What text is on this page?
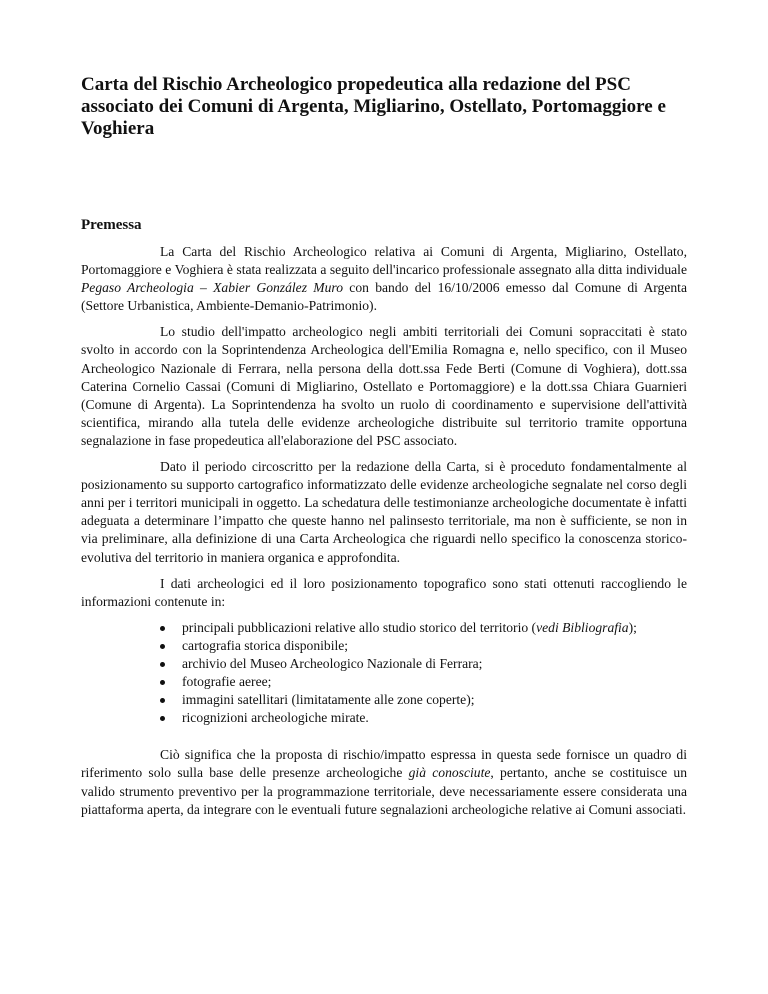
Carta del Rischio Archeologico propedeutica alla redazione del PSC associato dei Comuni di Argenta, Migliarino, Ostellato, Portomaggiore e Voghiera
Premessa

La Carta del Rischio Archeologico relativa ai Comuni di Argenta, Migliarino, Ostellato, Portomaggiore e Voghiera è stata realizzata a seguito dell'incarico professionale assegnato alla ditta individuale Pegaso Archeologia – Xabier González Muro con bando del 16/10/2006 emesso dal Comune di Argenta (Settore Urbanistica, Ambiente-Demanio-Patrimonio).

Lo studio dell'impatto archeologico negli ambiti territoriali dei Comuni sopraccitati è stato svolto in accordo con la Soprintendenza Archeologica dell'Emilia Romagna e, nello specifico, con il Museo Archeologico Nazionale di Ferrara, nella persona della dott.ssa Fede Berti (Comune di Voghiera), dott.ssa Caterina Cornelio Cassai (Comuni di Migliarino, Ostellato e Portomaggiore) e la dott.ssa Chiara Guarnieri (Comune di Argenta). La Soprintendenza ha svolto un ruolo di coordinamento e supervisione dell'attività scientifica, mirando alla tutela delle evidenze archeologiche distribuite sul territorio tramite opportuna segnalazione in fase propedeutica all'elaborazione del PSC associato.

Dato il periodo circoscritto per la redazione della Carta, si è proceduto fondamentalmente al posizionamento su supporto cartografico informatizzato delle evidenze archeologiche segnalate nel corso degli anni per i territori municipali in oggetto. La schedatura delle testimonianze archeologiche documentate è infatti adeguata a determinare l’impatto che queste hanno nel palinsesto territoriale, ma non è sufficiente, se non in via preliminare, alla definizione di una Carta Archeologica che riguardi nello specifico la conoscenza storico-evolutiva del territorio in maniera organica e approfondita.

I dati archeologici ed il loro posizionamento topografico sono stati ottenuti raccogliendo le informazioni contenute in:

principali pubblicazioni relative allo studio storico del territorio (vedi Bibliografia);
cartografia storica disponibile;
archivio del Museo Archeologico Nazionale di Ferrara;
fotografie aeree;
immagini satellitari (limitatamente alle zone coperte);
ricognizioni archeologiche mirate.

Ciò significa che la proposta di rischio/impatto espressa in questa sede fornisce un quadro di riferimento solo sulla base delle presenze archeologiche già conosciute, pertanto, anche se costituisce un valido strumento preventivo per la programmazione territoriale, deve necessariamente essere considerata una piattaforma aperta, da integrare con le eventuali future segnalazioni archeologiche relative ai Comuni associati.
